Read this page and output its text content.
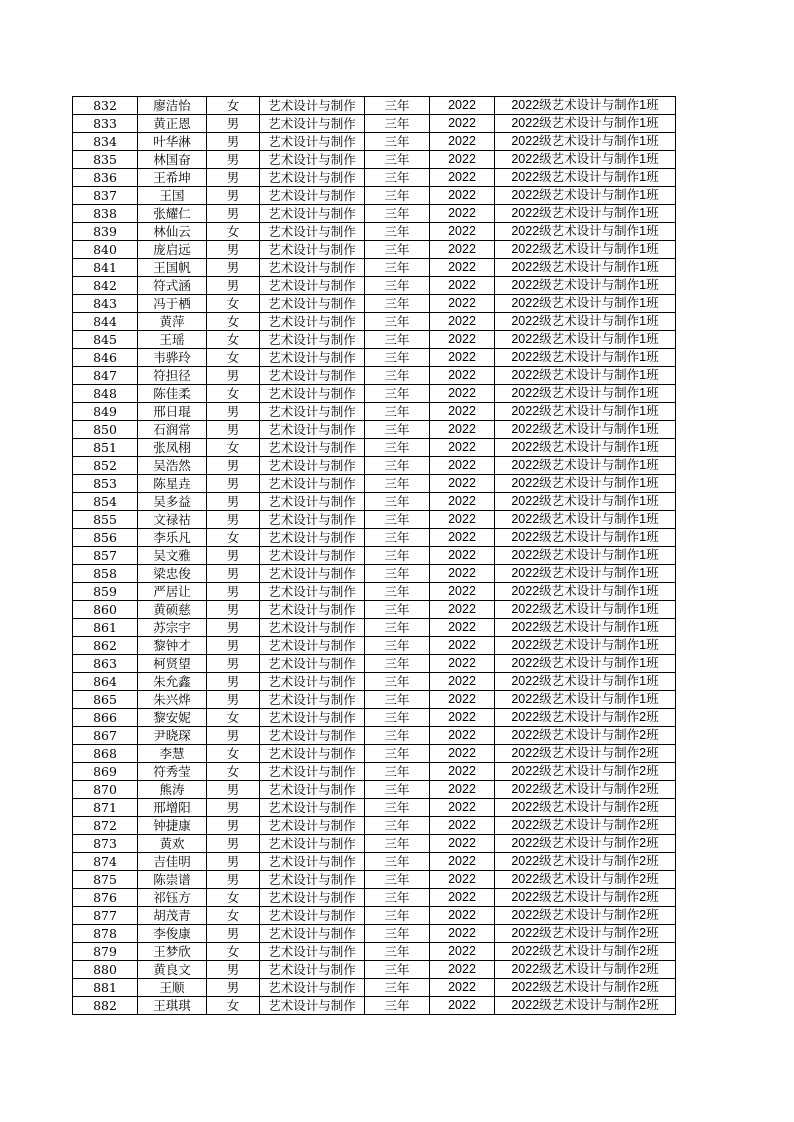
832	廖洁怡	女	艺术设计与制作	三年	2022	2022级艺术设计与制作1班
833	黄正恩	男	艺术设计与制作	三年	2022	2022级艺术设计与制作1班
834	叶华淋	男	艺术设计与制作	三年	2022	2022级艺术设计与制作1班
835	林国奋	男	艺术设计与制作	三年	2022	2022级艺术设计与制作1班
836	王希坤	男	艺术设计与制作	三年	2022	2022级艺术设计与制作1班
837	王国	男	艺术设计与制作	三年	2022	2022级艺术设计与制作1班
838	张耀仁	男	艺术设计与制作	三年	2022	2022级艺术设计与制作1班
839	林仙云	女	艺术设计与制作	三年	2022	2022级艺术设计与制作1班
840	庞启远	男	艺术设计与制作	三年	2022	2022级艺术设计与制作1班
841	王国帆	男	艺术设计与制作	三年	2022	2022级艺术设计与制作1班
842	符式涵	男	艺术设计与制作	三年	2022	2022级艺术设计与制作1班
843	冯于栖	女	艺术设计与制作	三年	2022	2022级艺术设计与制作1班
844	黄萍	女	艺术设计与制作	三年	2022	2022级艺术设计与制作1班
845	王瑶	女	艺术设计与制作	三年	2022	2022级艺术设计与制作1班
846	韦骅玲	女	艺术设计与制作	三年	2022	2022级艺术设计与制作1班
847	符担径	男	艺术设计与制作	三年	2022	2022级艺术设计与制作1班
848	陈佳柔	女	艺术设计与制作	三年	2022	2022级艺术设计与制作1班
849	邢日琨	男	艺术设计与制作	三年	2022	2022级艺术设计与制作1班
850	石润常	男	艺术设计与制作	三年	2022	2022级艺术设计与制作1班
851	张凤栩	女	艺术设计与制作	三年	2022	2022级艺术设计与制作1班
852	吴浩然	男	艺术设计与制作	三年	2022	2022级艺术设计与制作1班
853	陈星垚	男	艺术设计与制作	三年	2022	2022级艺术设计与制作1班
854	吴多益	男	艺术设计与制作	三年	2022	2022级艺术设计与制作1班
855	文禄祜	男	艺术设计与制作	三年	2022	2022级艺术设计与制作1班
856	李乐凡	女	艺术设计与制作	三年	2022	2022级艺术设计与制作1班
857	吴文雅	男	艺术设计与制作	三年	2022	2022级艺术设计与制作1班
858	梁忠俊	男	艺术设计与制作	三年	2022	2022级艺术设计与制作1班
859	严居让	男	艺术设计与制作	三年	2022	2022级艺术设计与制作1班
860	黄硕慈	男	艺术设计与制作	三年	2022	2022级艺术设计与制作1班
861	苏宗宇	男	艺术设计与制作	三年	2022	2022级艺术设计与制作1班
862	黎钟才	男	艺术设计与制作	三年	2022	2022级艺术设计与制作1班
863	柯贤望	男	艺术设计与制作	三年	2022	2022级艺术设计与制作1班
864	朱允鑫	男	艺术设计与制作	三年	2022	2022级艺术设计与制作1班
865	朱兴烨	男	艺术设计与制作	三年	2022	2022级艺术设计与制作1班
866	黎安妮	女	艺术设计与制作	三年	2022	2022级艺术设计与制作2班
867	尹晓琛	男	艺术设计与制作	三年	2022	2022级艺术设计与制作2班
868	李慧	女	艺术设计与制作	三年	2022	2022级艺术设计与制作2班
869	符秀莹	女	艺术设计与制作	三年	2022	2022级艺术设计与制作2班
870	熊涛	男	艺术设计与制作	三年	2022	2022级艺术设计与制作2班
871	邢增阳	男	艺术设计与制作	三年	2022	2022级艺术设计与制作2班
872	钟捷康	男	艺术设计与制作	三年	2022	2022级艺术设计与制作2班
873	黄欢	男	艺术设计与制作	三年	2022	2022级艺术设计与制作2班
874	吉佳明	男	艺术设计与制作	三年	2022	2022级艺术设计与制作2班
875	陈崇谱	男	艺术设计与制作	三年	2022	2022级艺术设计与制作2班
876	祁钰方	女	艺术设计与制作	三年	2022	2022级艺术设计与制作2班
877	胡茂青	女	艺术设计与制作	三年	2022	2022级艺术设计与制作2班
878	李俊康	男	艺术设计与制作	三年	2022	2022级艺术设计与制作2班
879	王梦欣	女	艺术设计与制作	三年	2022	2022级艺术设计与制作2班
880	黄良文	男	艺术设计与制作	三年	2022	2022级艺术设计与制作2班
881	王顺	男	艺术设计与制作	三年	2022	2022级艺术设计与制作2班
882	王琪琪	女	艺术设计与制作	三年	2022	2022级艺术设计与制作2班
